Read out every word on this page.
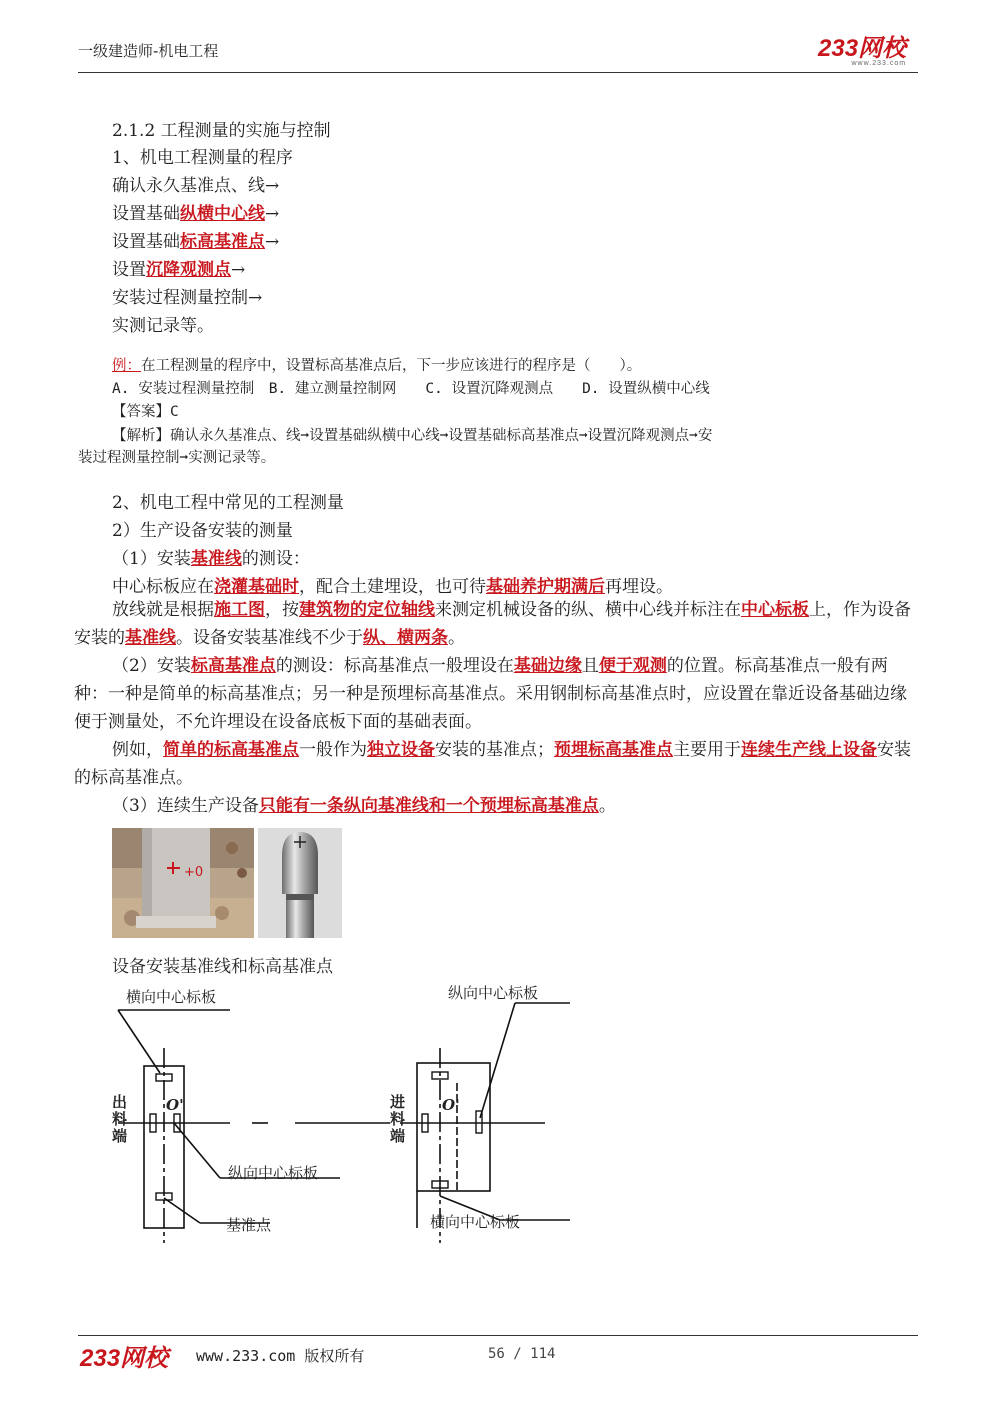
一级建造师-机电工程	233网校
www.233.com
2.1.2 工程测量的实施与控制
1、机电工程测量的程序
确认永久基准点、线→
设置基础纵横中心线→
设置基础标高基准点→
设置沉降观测点→
安装过程测量控制→
实测记录等。
例：在工程测量的程序中，设置标高基准点后，下一步应该进行的程序是（　　）。
A. 安装过程测量控制　B. 建立测量控制网　　C. 设置沉降观测点　　D. 设置纵横中心线
【答案】C
【解析】确认永久基准点、线➞设置基础纵横中心线➞设置基础标高基准点➞设置沉降观测点➞安
装过程测量控制➞实测记录等。
2、机电工程中常见的工程测量
2）生产设备安装的测量
（1）安装基准线的测设：
中心标板应在浇灌基础时，配合土建埋设，也可待基础养护期满后再埋设。
放线就是根据施工图，按建筑物的定位轴线来测定机械设备的纵、横中心线并标注在中心标板上，作为设备安装的基准线。设备安装基准线不少于纵、横两条。
（2）安装标高基准点的测设：标高基准点一般埋设在基础边缘且便于观测的位置。标高基准点一般有两种：一种是简单的标高基准点；另一种是预埋标高基准点。采用钢制标高基准点时，应设置在靠近设备基础边缘便于测量处，不允许埋设在设备底板下面的基础表面。
例如，简单的标高基准点一般作为独立设备安装的基准点；预埋标高基准点主要用于连续生产线上设备安装的标高基准点。
（3）连续生产设备只能有一条纵向基准线和一个预埋标高基准点。
+0
设备安装基准线和标高基准点
横向中心标板	纵向中心标板
纵向中心标板
基准点	横向中心标板
出料端
进料端
O'	O'
233网校 www.233.com 版权所有	56 / 114
